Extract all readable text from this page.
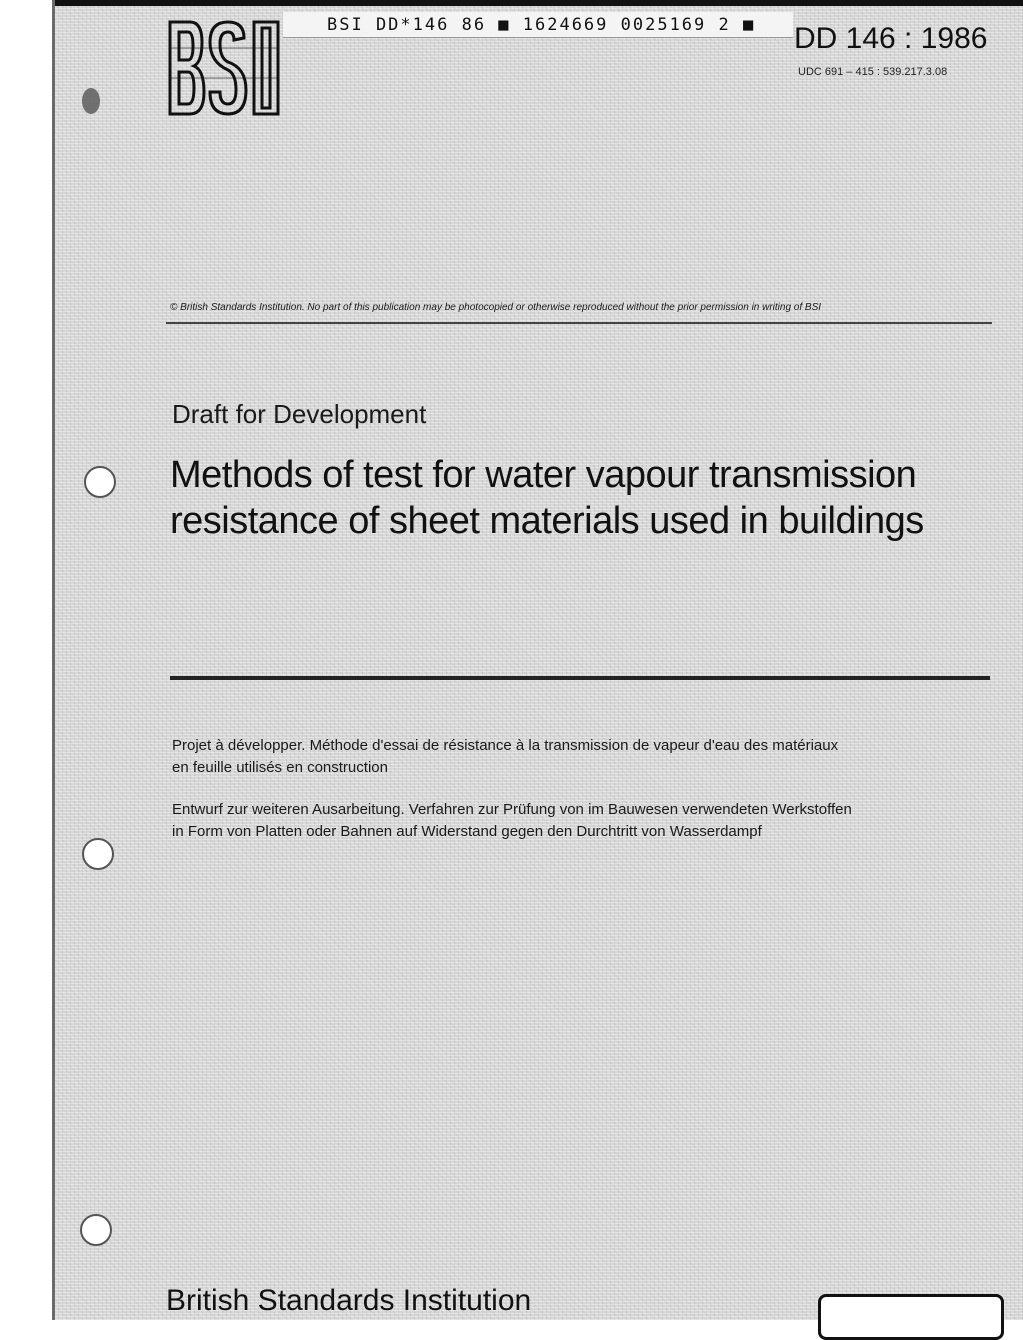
BSI DD*146 86 ■ 1624669 0025169 2 ■	DD 146 : 1986
UDC 691 – 415 : 539.217.3.08
© British Standards Institution. No part of this publication may be photocopied or otherwise reproduced without the prior permission in writing of BSI
Draft for Development
Methods of test for water vapour transmission
resistance of sheet materials used in buildings
Projet à développer. Méthode d'essai de résistance à la transmission de vapeur d'eau des matériaux
en feuille utilisés en construction
Entwurf zur weiteren Ausarbeitung. Verfahren zur Prüfung von im Bauwesen verwendeten Werkstoffen
in Form von Platten oder Bahnen auf Widerstand gegen den Durchtritt von Wasserdampf
British Standards Institution
